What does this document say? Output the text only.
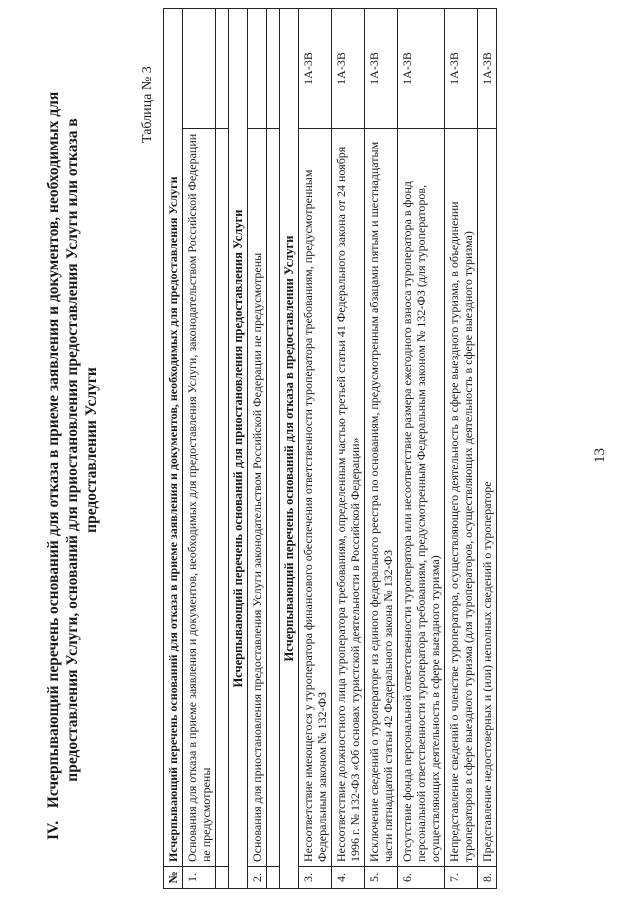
13
IV.
Исчерпывающий перечень оснований для отказа в приеме заявления и документов, необходимых для предоставления Услуги, оснований для приостановления предоставления Услуги или отказа в предоставлении Услуги
Таблица № 3
№	Исчерпывающий перечень оснований для отказа в приеме заявления и документов, необходимых для предоставления Услуги	
1.	Основания для отказа в приеме заявления и документов, необходимых для предоставления Услуги, законодательством Российской Федерации не предусмотрены	

Исчерпывающий перечень оснований для приостановления предоставления Услуги		
2.	Основания для приостановления предоставления Услуги законодательством Российской Федерации не предусмотрены	

Исчерпывающий перечень оснований для отказа в предоставлении Услуги		
3.	Несоответствие имеющегося у туроператора финансового обеспечения ответственности туроператора требованиям, предусмотренным Федеральным законом № 132-ФЗ	1А-3В
4.	Несоответствие должностного лица туроператора требованиям, определенным частью третьей статьи 41 Федерального закона от 24 ноября 1996 г. № 132-ФЗ «Об основах туристской деятельности в Российской Федерации»	1А-3В
5.	Исключение сведений о туроператоре из единого федерального реестра по основаниям, предусмотренным абзацами пятым и шестнадцатым части пятнадцатой статьи 42 Федерального закона № 132-ФЗ	1А-3В
6.	Отсутствие фонда персональной ответственности туроператора или несоответствие размера ежегодного взноса туроператора в фонд персональной ответственности туроператора требованиям, предусмотренным Федеральным законом № 132-ФЗ (для туроператоров, осуществляющих деятельность в сфере выездного туризма)	1А-3В
7.	Непредставление сведений о членстве туроператора, осуществляющего деятельность в сфере выездного туризма, в объединении туроператоров в сфере выездного туризма (для туроператоров, осуществляющих деятельность в сфере выездного туризма)	1А-3В
8.	Представление недостоверных и (или) неполных сведений о туроператоре	1А-3В
